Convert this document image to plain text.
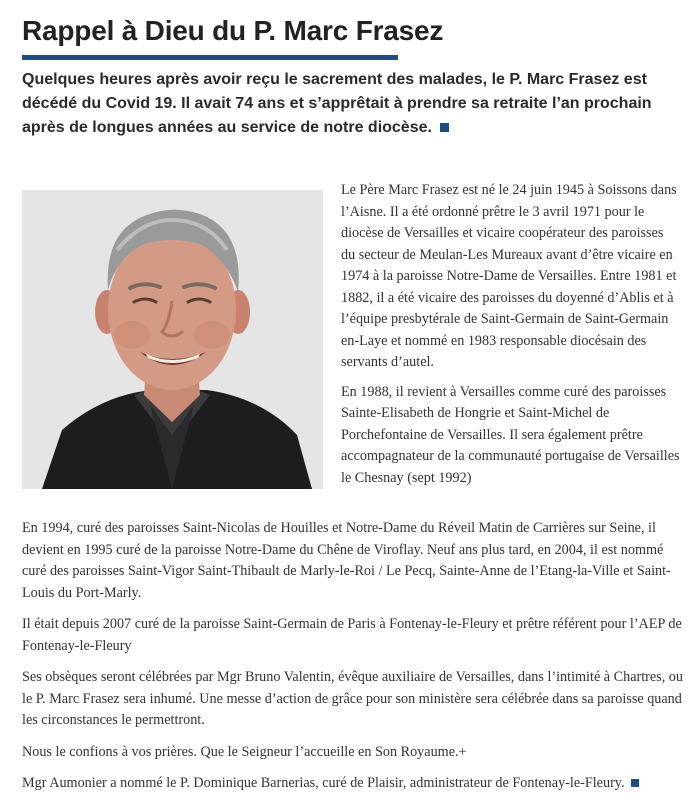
Rappel à Dieu du P. Marc Frasez

Quelques heures après avoir reçu le sacrement des malades, le P. Marc Frasez est décédé du Covid 19. Il avait 74 ans et s’apprêtait à prendre sa retraite l’an prochain après de longues années au service de notre diocèse.

Le Père Marc Frasez est né le 24 juin 1945 à Soissons dans l’Aisne. Il a été ordonné prêtre le 3 avril 1971 pour le diocèse de Versailles et vicaire coopérateur des paroisses du secteur de Meulan-Les Mureaux avant d’être vicaire en 1974 à la paroisse Notre-Dame de Versailles. Entre 1981 et 1882, il a été vicaire des paroisses du doyenné d’Ablis et à l’équipe presbytérale de Saint-Germain de Saint-Germain en-Laye et nommé en 1983 responsable diocésain des servants d’autel.

En 1988, il revient à Versailles comme curé des paroisses Sainte-Elisabeth de Hongrie et Saint-Michel de Porchefontaine de Versailles. Il sera également prêtre accompagnateur de la communauté portugaise de Versailles le Chesnay (sept 1992)

En 1994, curé des paroisses Saint-Nicolas de Houilles et Notre-Dame du Réveil Matin de Carrières sur Seine, il devient en 1995 curé de la paroisse Notre-Dame du Chêne de Viroflay. Neuf ans plus tard, en 2004, il est nommé curé des paroisses Saint-Vigor Saint-Thibault de Marly-le-Roi / Le Pecq, Sainte-Anne de l’Etang-la-Ville et Saint-Louis du Port-Marly.

Il était depuis 2007 curé de la paroisse Saint-Germain de Paris à Fontenay-le-Fleury et prêtre référent pour l’AEP de Fontenay-le-Fleury

Ses obsèques seront célébrées par Mgr Bruno Valentin, évêque auxiliaire de Versailles, dans l’intimité à Chartres, ou le P. Marc Frasez sera inhumé. Une messe d’action de grâce pour son ministère sera célébrée dans sa paroisse quand les circonstances le permettront.

Nous le confions à vos prières. Que le Seigneur l’accueille en Son Royaume.+

Mgr Aumonier a nommé le P. Dominique Barnerias, curé de Plaisir, administrateur de Fontenay-le-Fleury.
